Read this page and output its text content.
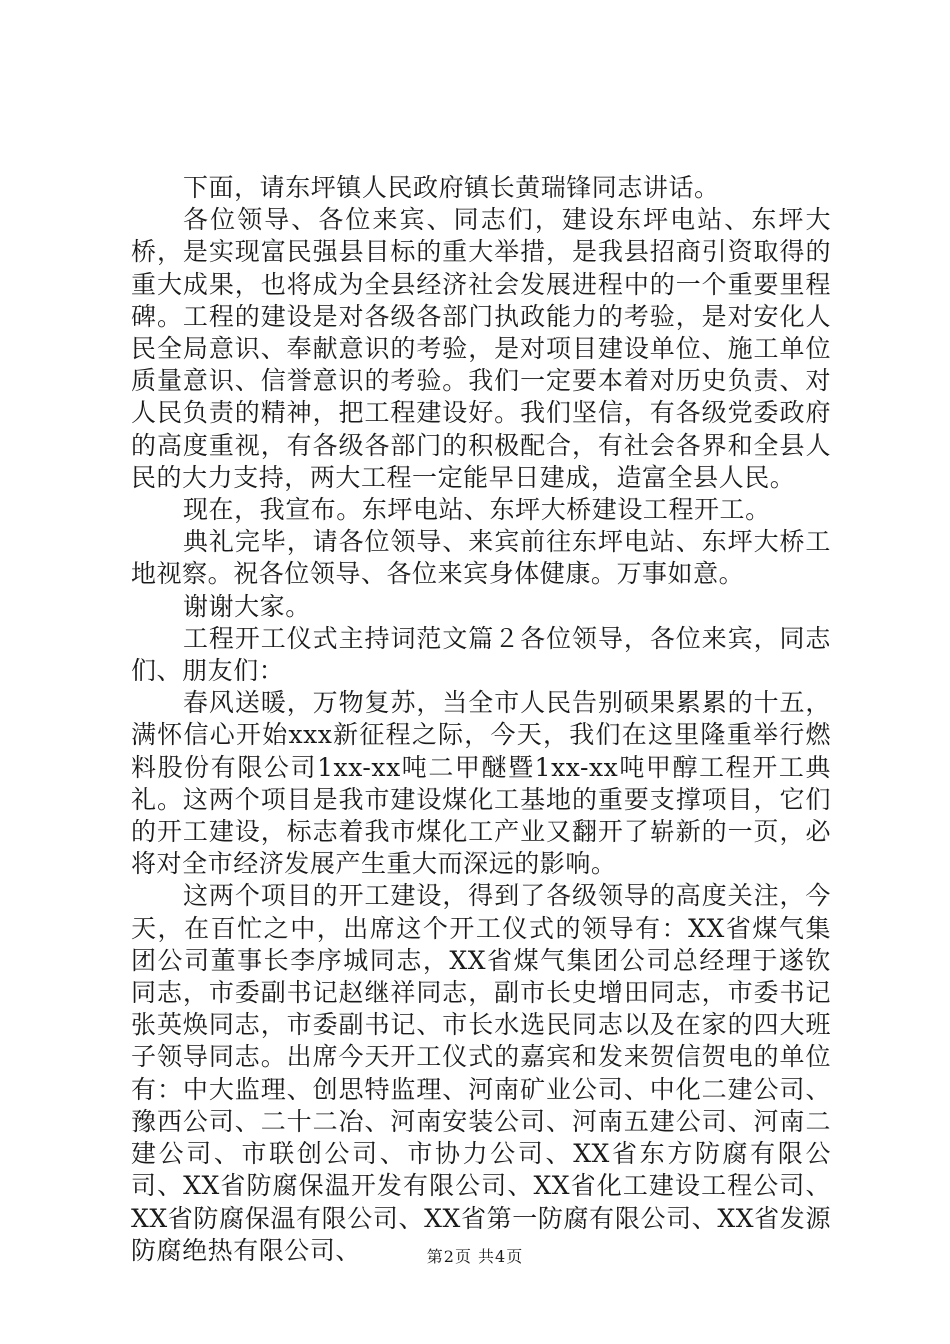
下面，请东坪镇人民政府镇长黄瑞锋同志讲话。

各位领导、各位来宾、同志们，建设东坪电站、东坪大桥，是实现富民强县目标的重大举措，是我县招商引资取得的重大成果，也将成为全县经济社会发展进程中的一个重要里程碑。工程的建设是对各级各部门执政能力的考验，是对安化人民全局意识、奉献意识的考验，是对项目建设单位、施工单位质量意识、信誉意识的考验。我们一定要本着对历史负责、对人民负责的精神，把工程建设好。我们坚信，有各级党委政府的高度重视，有各级各部门的积极配合，有社会各界和全县人民的大力支持，两大工程一定能早日建成，造富全县人民。

现在，我宣布。东坪电站、东坪大桥建设工程开工。

典礼完毕，请各位领导、来宾前往东坪电站、东坪大桥工地视察。祝各位领导、各位来宾身体健康。万事如意。

谢谢大家。

工程开工仪式主持词范文篇２各位领导，各位来宾，同志们、朋友们：

春风送暖，万物复苏，当全市人民告别硕果累累的十五，满怀信心开始xxx新征程之际，今天，我们在这里隆重举行燃料股份有限公司1xx-xx吨二甲醚暨1xx-xx吨甲醇工程开工典礼。这两个项目是我市建设煤化工基地的重要支撑项目，它们的开工建设，标志着我市煤化工产业又翻开了崭新的一页，必将对全市经济发展产生重大而深远的影响。

这两个项目的开工建设，得到了各级领导的高度关注，今天，在百忙之中，出席这个开工仪式的领导有：XX省煤气集团公司董事长李序城同志，XX省煤气集团公司总经理于遂钦同志，市委副书记赵继祥同志，副市长史增田同志，市委书记张英焕同志，市委副书记、市长水选民同志以及在家的四大班子领导同志。出席今天开工仪式的嘉宾和发来贺信贺电的单位有：中大监理、创思特监理、河南矿业公司、中化二建公司、豫西公司、二十二冶、河南安装公司、河南五建公司、河南二建公司、市联创公司、市协力公司、XX省东方防腐有限公司、XX省防腐保温开发有限公司、XX省化工建设工程公司、XX省防腐保温有限公司、XX省第一防腐有限公司、XX省发源防腐绝热有限公司、	第2页 共4页
